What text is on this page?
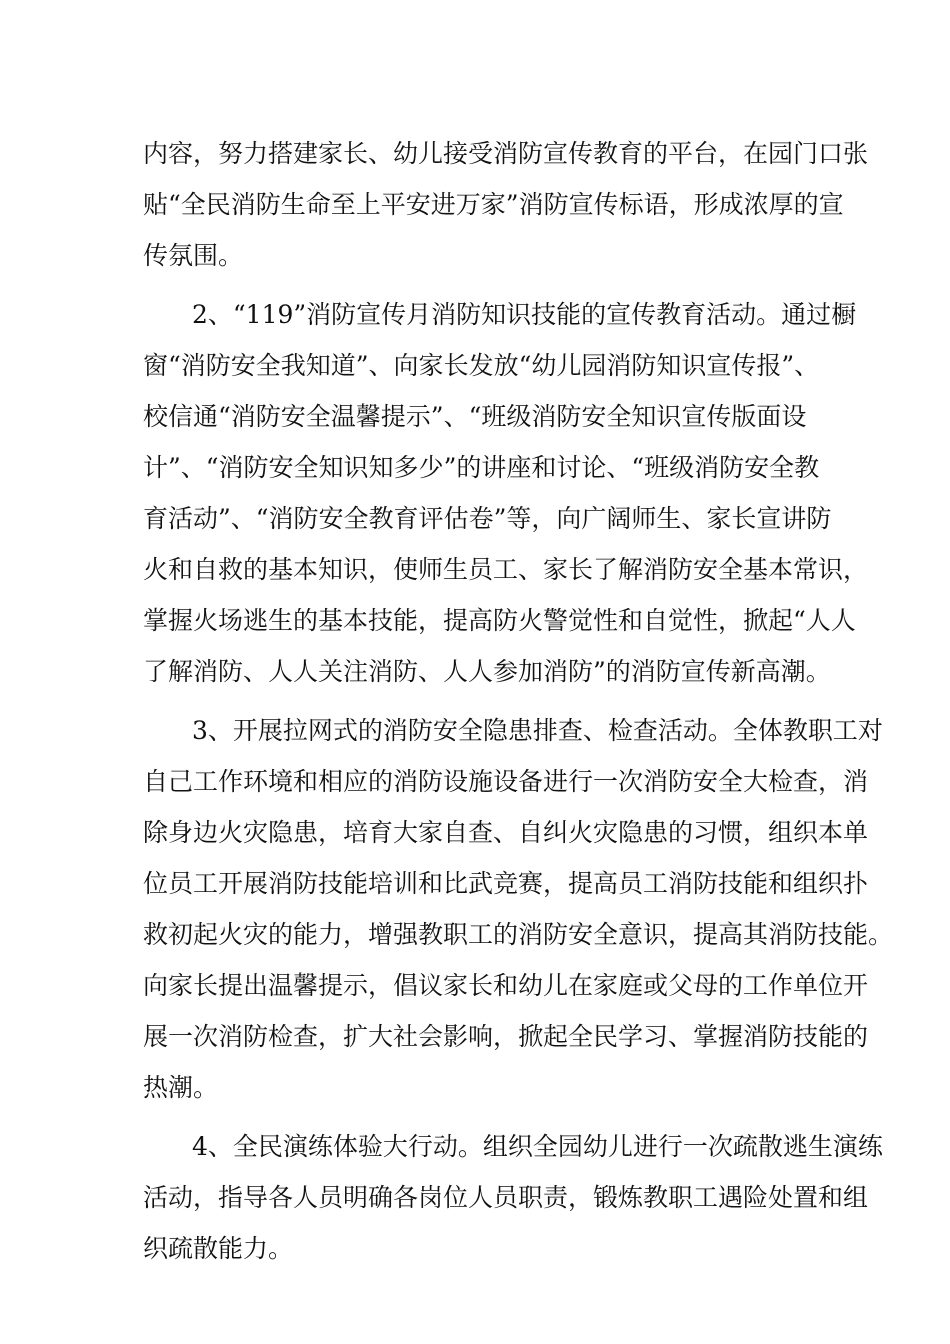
内容，努力搭建家长、幼儿接受消防宣传教育的平台，在园门口张
贴“全民消防生命至上平安进万家”消防宣传标语，形成浓厚的宣
传氛围。
2、“119”消防宣传月消防知识技能的宣传教育活动。通过橱
窗“消防安全我知道”、向家长发放“幼儿园消防知识宣传报”、
校信通“消防安全温馨提示”、“班级消防安全知识宣传版面设
计”、“消防安全知识知多少”的讲座和讨论、“班级消防安全教
育活动”、“消防安全教育评估卷”等，向广阔师生、家长宣讲防
火和自救的基本知识，使师生员工、家长了解消防安全基本常识，
掌握火场逃生的基本技能，提高防火警觉性和自觉性，掀起“人人
了解消防、人人关注消防、人人参加消防”的消防宣传新高潮。
3、开展拉网式的消防安全隐患排查、检查活动。全体教职工对
自己工作环境和相应的消防设施设备进行一次消防安全大检查，消
除身边火灾隐患，培育大家自查、自纠火灾隐患的习惯，组织本单
位员工开展消防技能培训和比武竞赛，提高员工消防技能和组织扑
救初起火灾的能力，增强教职工的消防安全意识，提高其消防技能。
向家长提出温馨提示，倡议家长和幼儿在家庭或父母的工作单位开
展一次消防检查，扩大社会影响，掀起全民学习、掌握消防技能的
热潮。
4、全民演练体验大行动。组织全园幼儿进行一次疏散逃生演练
活动，指导各人员明确各岗位人员职责，锻炼教职工遇险处置和组
织疏散能力。
